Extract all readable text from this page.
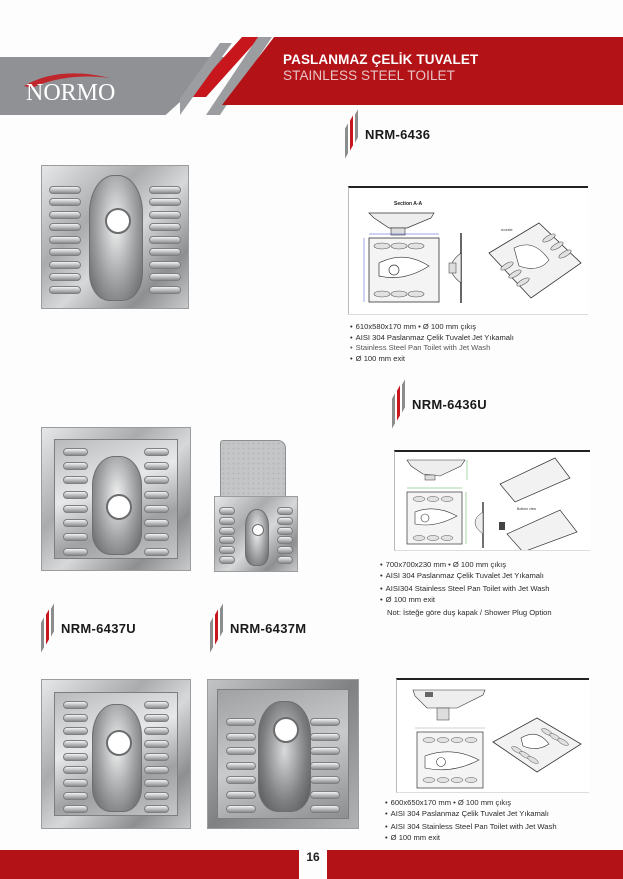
NORMO
PASLANMAZ ÇELİK TUVALET
STAINLESS STEEL TOILET
NRM-6436
Section A-A
nozzle
• 610x580x170 mm • Ø 100 mm çıkış
• AISI 304 Paslanmaz Çelik Tuvalet Jet Yıkamalı
• Stainless Steel Pan Toilet with Jet Wash
• Ø 100 mm exit
NRM-6436U
Bottom view
• 700x700x230 mm • Ø 100 mm çıkış
• AISI 304 Paslanmaz Çelik Tuvalet Jet Yıkamalı
• AISI304 Stainless Steel Pan Toilet with Jet Wash
• Ø 100 mm exit
Not: İsteğe göre duş kapak / Shower Plug Option
NRM-6437U	NRM-6437M
• 600x650x170 mm • Ø 100 mm çıkış
• AISI 304 Paslanmaz Çelik Tuvalet Jet Yıkamalı
• AISI 304 Stainless Steel Pan Toilet with Jet Wash
• Ø 100 mm exit
16
